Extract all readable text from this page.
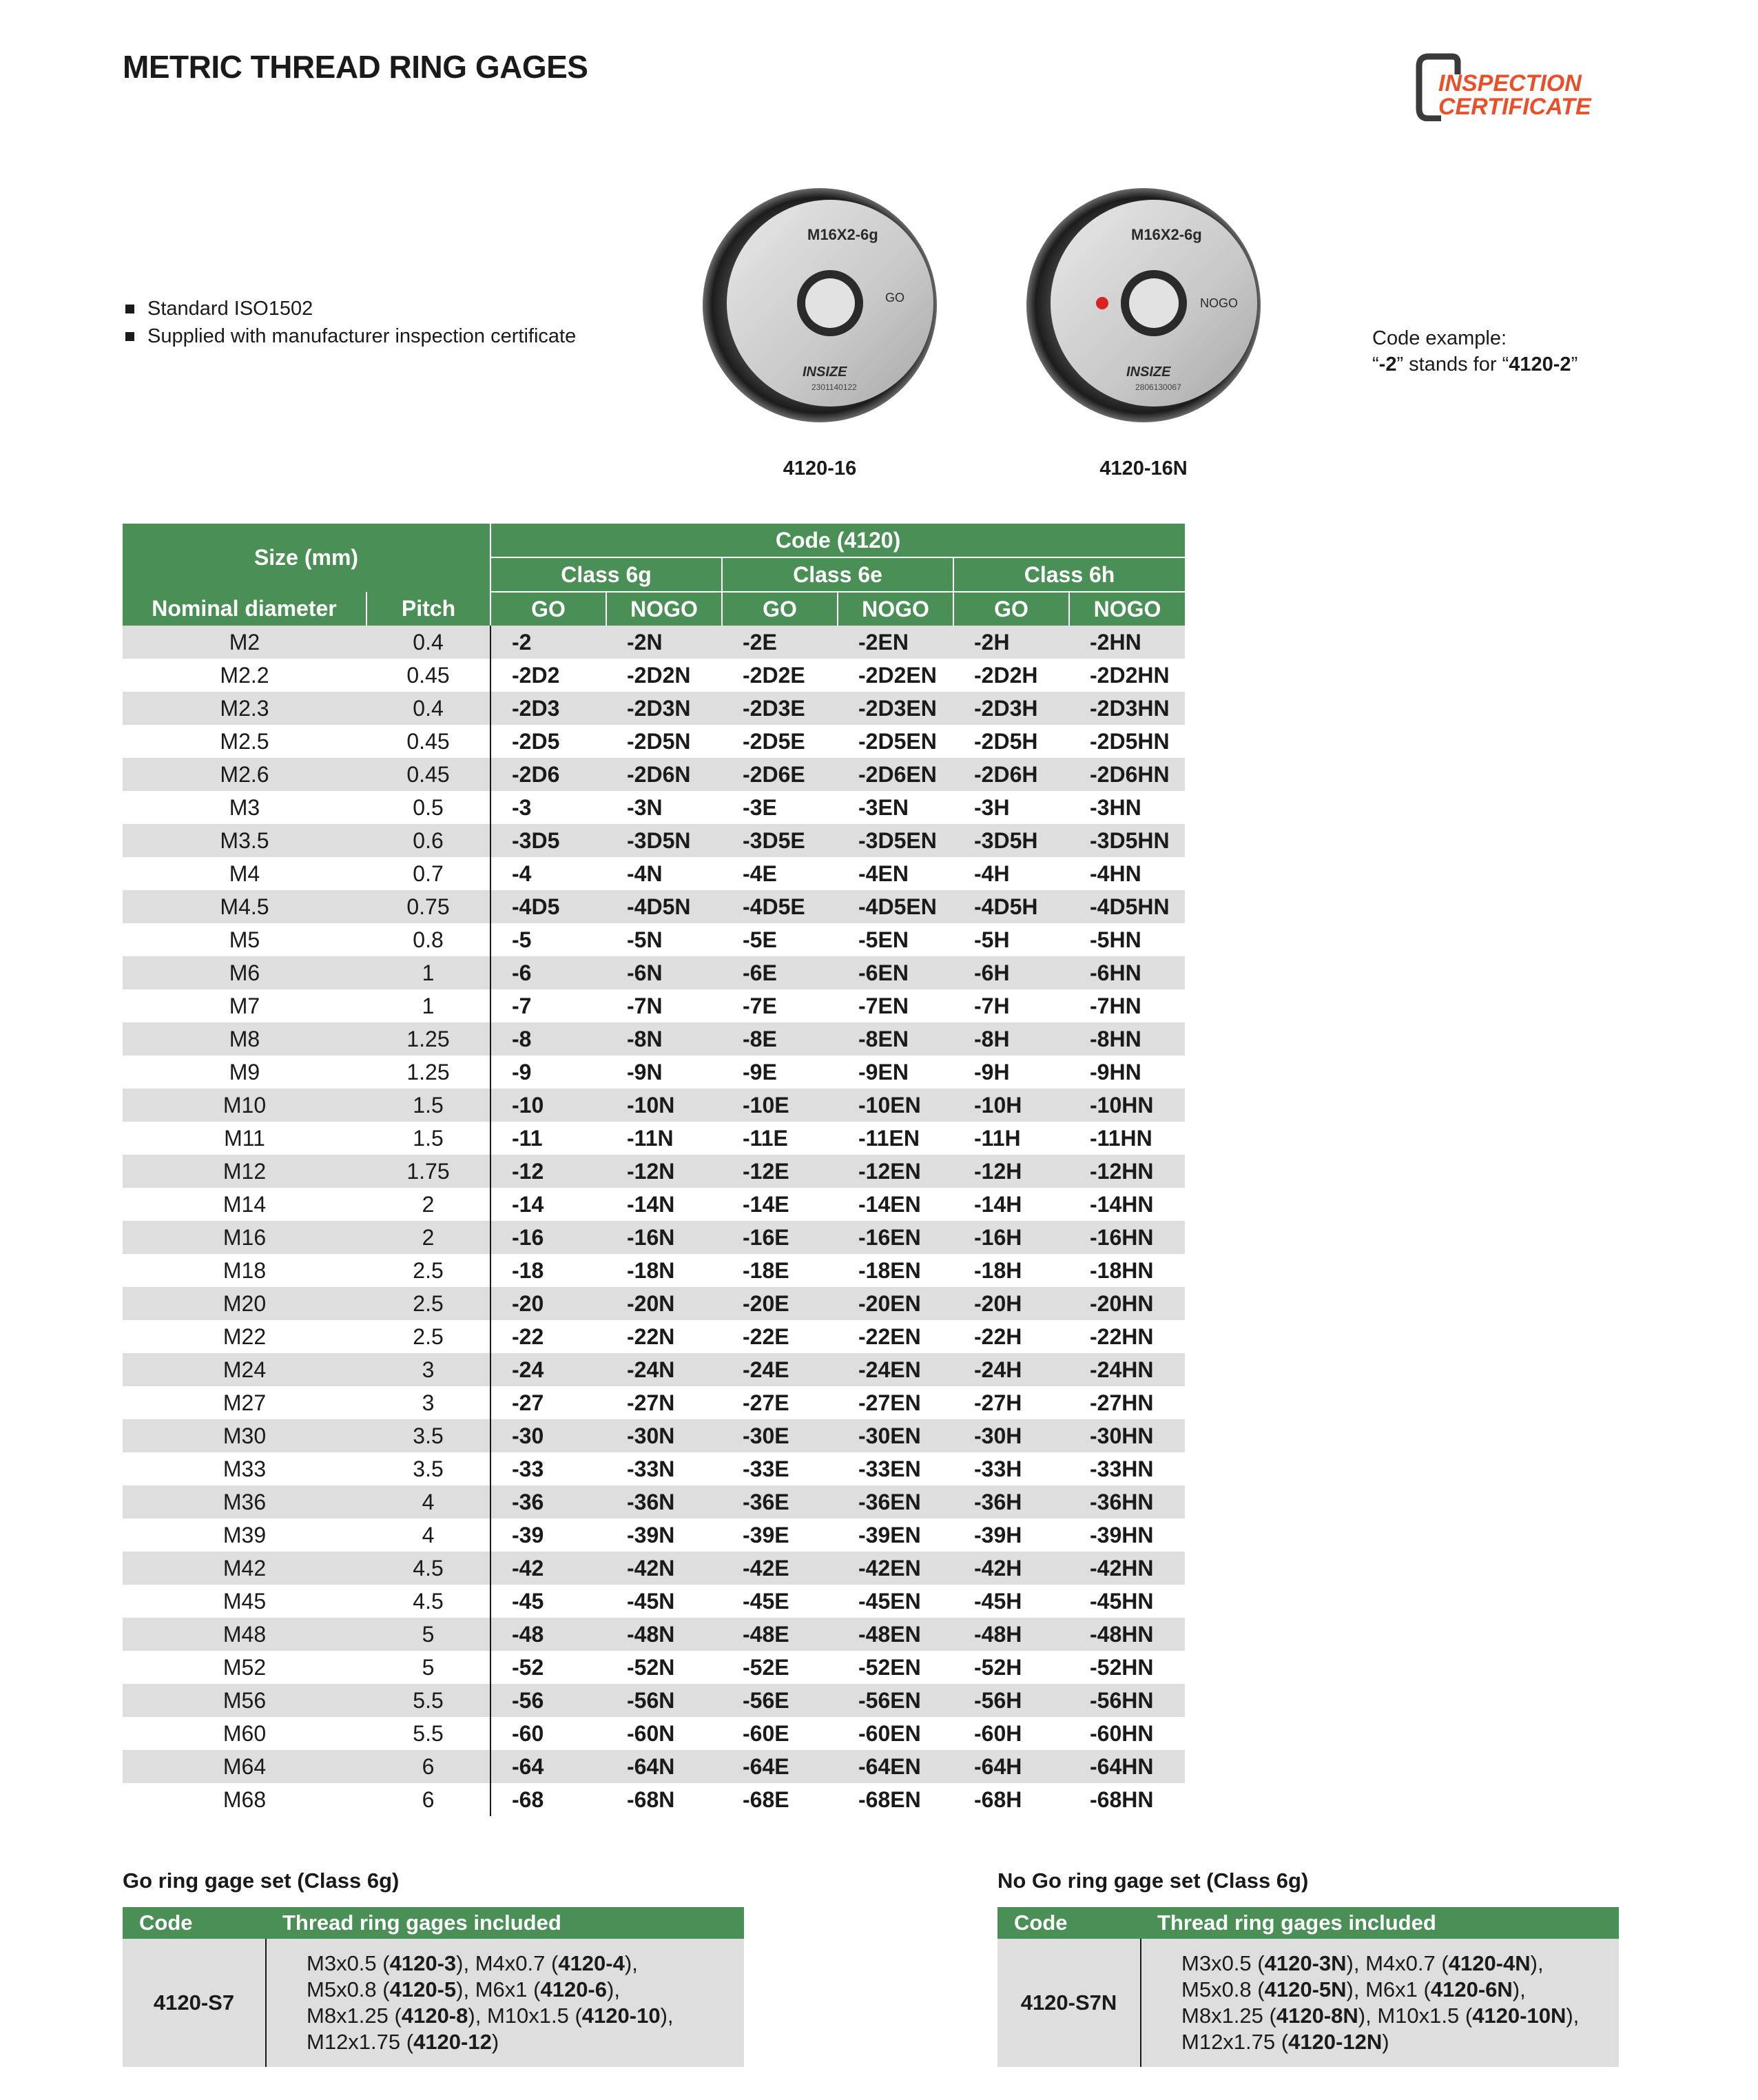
METRIC THREAD RING GAGES	INSPECTION
CERTIFICATE
Standard ISO1502
Supplied with manufacturer inspection certificate
M16X2-6g
GO
INSIZE
2301140122
4120-16
M16X2-6g
NOGO
INSIZE
2806130067
4120-16N
Code example:
“-2” stands for “4120-2”
Size (mm)		Code (4120)					
		Class 6g		Class 6e		Class 6h	
Nominal diameter	Pitch	GO	NOGO	GO	NOGO	GO	NOGO
M2	0.4	-2	-2N	-2E	-2EN	-2H	-2HN
M2.2	0.45	-2D2	-2D2N	-2D2E	-2D2EN	-2D2H	-2D2HN
M2.3	0.4	-2D3	-2D3N	-2D3E	-2D3EN	-2D3H	-2D3HN
M2.5	0.45	-2D5	-2D5N	-2D5E	-2D5EN	-2D5H	-2D5HN
M2.6	0.45	-2D6	-2D6N	-2D6E	-2D6EN	-2D6H	-2D6HN
M3	0.5	-3	-3N	-3E	-3EN	-3H	-3HN
M3.5	0.6	-3D5	-3D5N	-3D5E	-3D5EN	-3D5H	-3D5HN
M4	0.7	-4	-4N	-4E	-4EN	-4H	-4HN
M4.5	0.75	-4D5	-4D5N	-4D5E	-4D5EN	-4D5H	-4D5HN
M5	0.8	-5	-5N	-5E	-5EN	-5H	-5HN
M6	1	-6	-6N	-6E	-6EN	-6H	-6HN
M7	1	-7	-7N	-7E	-7EN	-7H	-7HN
M8	1.25	-8	-8N	-8E	-8EN	-8H	-8HN
M9	1.25	-9	-9N	-9E	-9EN	-9H	-9HN
M10	1.5	-10	-10N	-10E	-10EN	-10H	-10HN
M11	1.5	-11	-11N	-11E	-11EN	-11H	-11HN
M12	1.75	-12	-12N	-12E	-12EN	-12H	-12HN
M14	2	-14	-14N	-14E	-14EN	-14H	-14HN
M16	2	-16	-16N	-16E	-16EN	-16H	-16HN
M18	2.5	-18	-18N	-18E	-18EN	-18H	-18HN
M20	2.5	-20	-20N	-20E	-20EN	-20H	-20HN
M22	2.5	-22	-22N	-22E	-22EN	-22H	-22HN
M24	3	-24	-24N	-24E	-24EN	-24H	-24HN
M27	3	-27	-27N	-27E	-27EN	-27H	-27HN
M30	3.5	-30	-30N	-30E	-30EN	-30H	-30HN
M33	3.5	-33	-33N	-33E	-33EN	-33H	-33HN
M36	4	-36	-36N	-36E	-36EN	-36H	-36HN
M39	4	-39	-39N	-39E	-39EN	-39H	-39HN
M42	4.5	-42	-42N	-42E	-42EN	-42H	-42HN
M45	4.5	-45	-45N	-45E	-45EN	-45H	-45HN
M48	5	-48	-48N	-48E	-48EN	-48H	-48HN
M52	5	-52	-52N	-52E	-52EN	-52H	-52HN
M56	5.5	-56	-56N	-56E	-56EN	-56H	-56HN
M60	5.5	-60	-60N	-60E	-60EN	-60H	-60HN
M64	6	-64	-64N	-64E	-64EN	-64H	-64HN
M68	6	-68	-68N	-68E	-68EN	-68H	-68HN
Go ring gage set (Class 6g)
Code	Thread ring gages included
4120-S7	M3x0.5 (4120-3), M4x0.7 (4120-4),
M5x0.8 (4120-5), M6x1 (4120-6),
M8x1.25 (4120-8), M10x1.5 (4120-10),
M12x1.75 (4120-12)
No Go ring gage set (Class 6g)
Code	Thread ring gages included
4120-S7N	M3x0.5 (4120-3N), M4x0.7 (4120-4N),
M5x0.8 (4120-5N), M6x1 (4120-6N),
M8x1.25 (4120-8N), M10x1.5 (4120-10N),
M12x1.75 (4120-12N)
